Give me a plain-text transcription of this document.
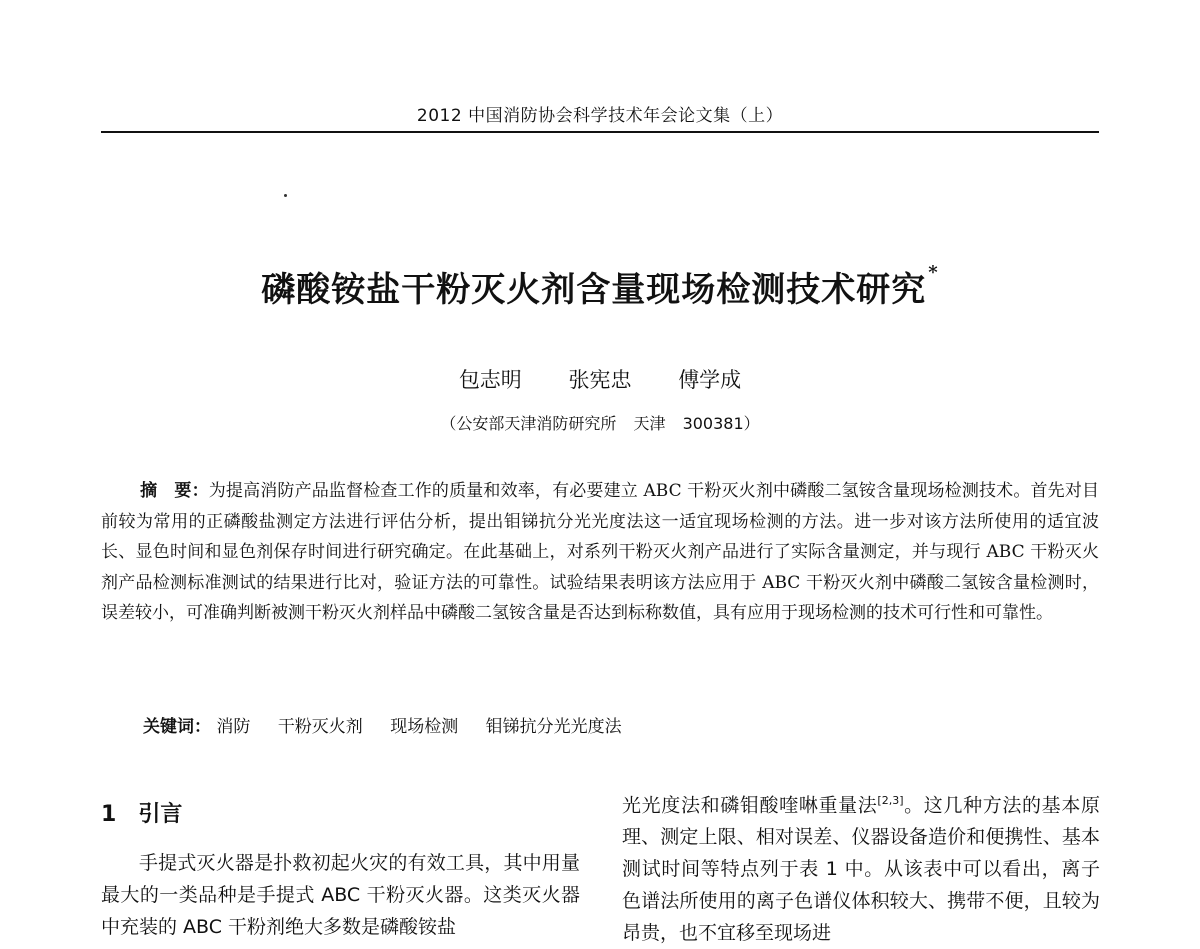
2012 中国消防协会科学技术年会论文集（上）
磷酸铵盐干粉灭火剂含量现场检测技术研究 *
包志明 张宪忠 傅学成
（公安部天津消防研究所 天津 300381）
摘　要：为提高消防产品监督检查工作的质量和效率，有必要建立 ABC 干粉灭火剂中磷酸二氢铵含量现场检测技术。首先对目前较为常用的正磷酸盐测定方法进行评估分析，提出钼锑抗分光光度法这一适宜现场检测的方法。进一步对该方法所使用的适宜波长、显色时间和显色剂保存时间进行研究确定。在此基础上，对系列干粉灭火剂产品进行了实际含量测定，并与现行 ABC 干粉灭火剂产品检测标准测试的结果进行比对，验证方法的可靠性。试验结果表明该方法应用于 ABC 干粉灭火剂中磷酸二氢铵含量检测时，误差较小，可准确判断被测干粉灭火剂样品中磷酸二氢铵含量是否达到标称数值，具有应用于现场检测的技术可行性和可靠性。
关键词： 消防 干粉灭火剂 现场检测 钼锑抗分光光度法
1 引言
手提式灭火器是扑救初起火灾的有效工具，其中用量最大的一类品种是手提式 ABC 干粉灭火器。这类灭火器中充装的 ABC 干粉剂绝大多数是磷酸铵盐
光光度法和磷钼酸喹啉重量法[2,3]。这几种方法的基本原理、测定上限、相对误差、仪器设备造价和便携性、基本测试时间等特点列于表 1 中。从该表中可以看出，离子色谱法所使用的离子色谱仪体积较大、携带不便，且较为昂贵，也不宜移至现场进
